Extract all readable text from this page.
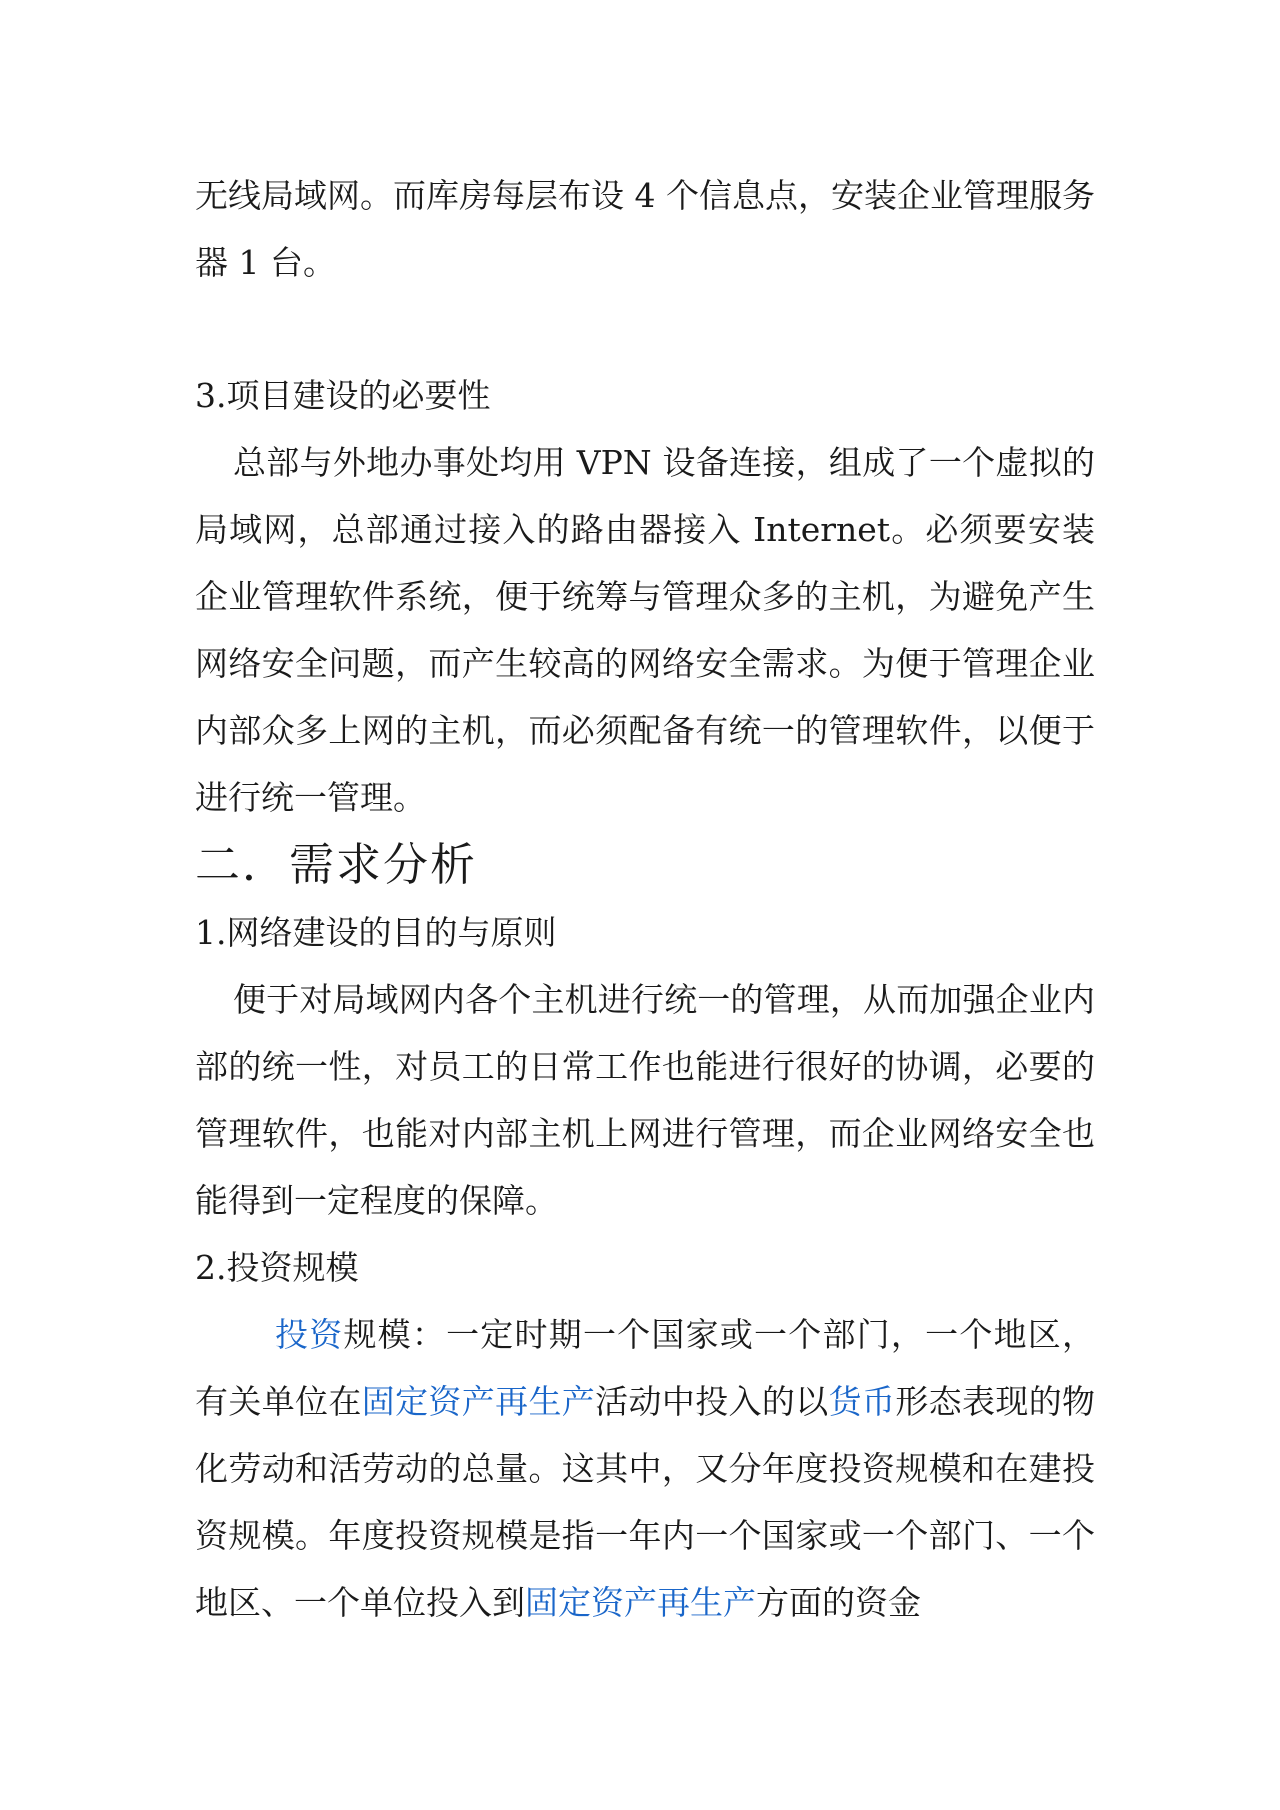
无线局域网。而库房每层布设 4 个信息点，安装企业管理服务器 1 台。

3.项目建设的必要性

总部与外地办事处均用 VPN 设备连接，组成了一个虚拟的局域网，总部通过接入的路由器接入 Internet。必须要安装企业管理软件系统，便于统筹与管理众多的主机，为避免产生网络安全问题，而产生较高的网络安全需求。为便于管理企业内部众多上网的主机，而必须配备有统一的管理软件，以便于进行统一管理。

二．需求分析

1.网络建设的目的与原则

便于对局域网内各个主机进行统一的管理，从而加强企业内部的统一性，对员工的日常工作也能进行很好的协调，必要的管理软件，也能对内部主机上网进行管理，而企业网络安全也能得到一定程度的保障。

2.投资规模

投资规模：一定时期一个国家或一个部门，一个地区，有关单位在固定资产再生产活动中投入的以货币形态表现的物化劳动和活劳动的总量。这其中，又分年度投资规模和在建投资规模。年度投资规模是指一年内一个国家或一个部门、一个地区、一个单位投入到固定资产再生产方面的资金
